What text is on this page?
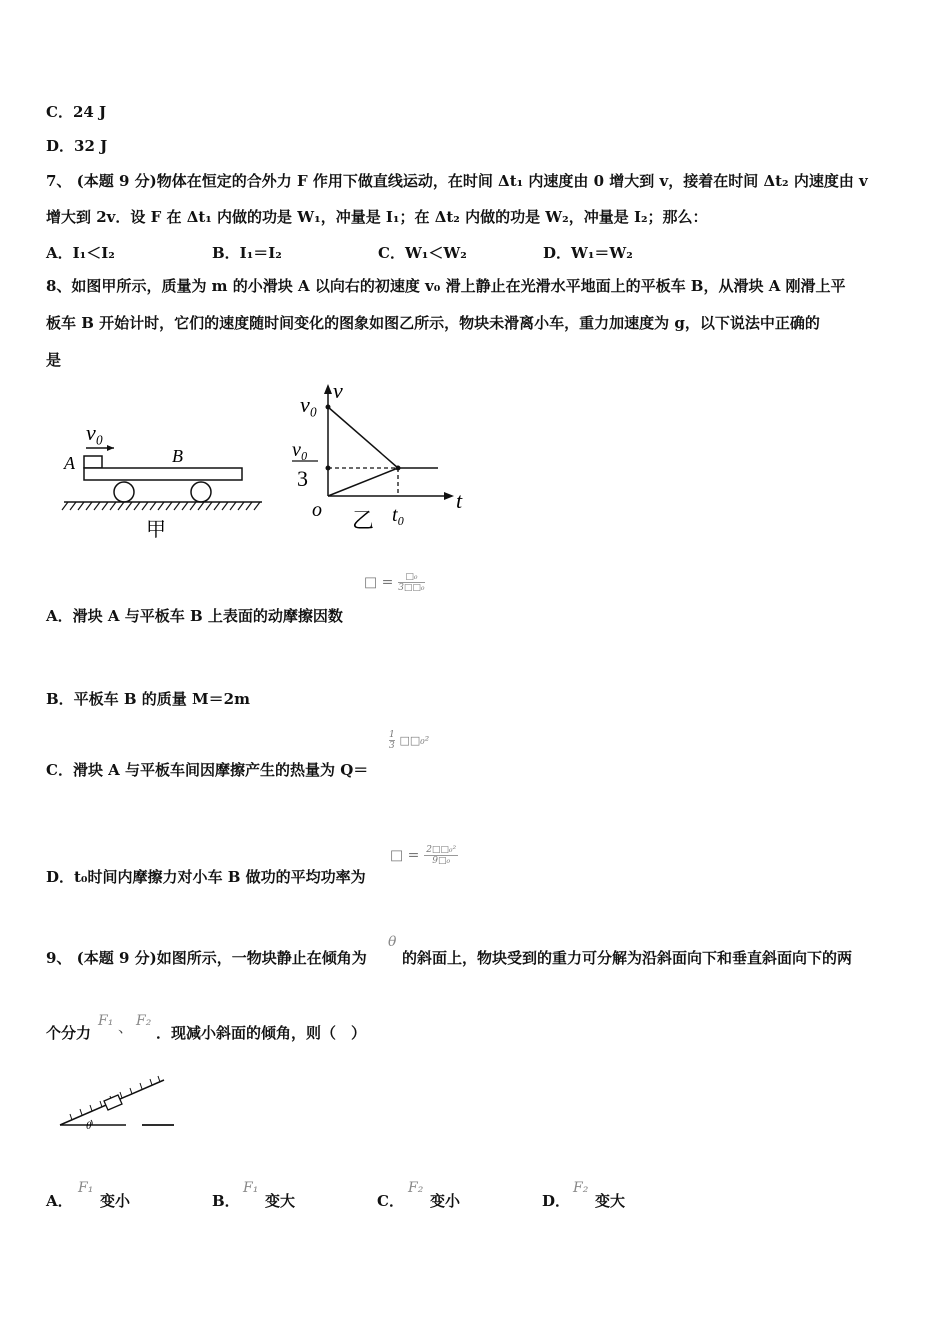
C．24 J
D．32 J
7、 (本题 9 分)物体在恒定的合外力 F 作用下做直线运动，在时间 Δt₁ 内速度由 0 增大到 v，接着在时间 Δt₂ 内速度由 v
增大到 2v．设 F 在 Δt₁ 内做的功是 W₁，冲量是 I₁；在 Δt₂ 内做的功是 W₂，冲量是 I₂；那么：
A．I₁＜I₂	B．I₁＝I₂	C．W₁＜W₂	D．W₁＝W₂
8、如图甲所示，质量为 m 的小滑块 A 以向右的初速度 v₀ 滑上静止在光滑水平地面上的平板车 B，从滑块 A 刚滑上平
板车 B 开始计时，它们的速度随时间变化的图象如图乙所示，物块未滑离小车，重力加速度为 g，以下说法中正确的
是
v₀
A	B
甲
v
t
v₀
v₀
3
o	t₀
乙
□ =	□₀
3□□₀
A．滑块 A 与平板车 B 上表面的动摩擦因数
B．平板车 B 的质量 M＝2m
$\frac{1}{3}$ □□₀²
C．滑块 A 与平板车间因摩擦产生的热量为 Q＝
□ = $\frac{\text{2□□₀²}}{\text{9□₀}}$
D．t₀时间内摩擦力对小车 B 做功的平均功率为
9、 (本题 9 分)如图所示，一物块静止在倾角为
θ
的斜面上，物块受到的重力可分解为沿斜面向下和垂直斜面向下的两
个分力
F₁ 、 F₂
．现减小斜面的倾角，则（　）
θ
A．
F₁
变小	B．
F₁
变大	C．
F₂
变小	D．
F₂
变大
